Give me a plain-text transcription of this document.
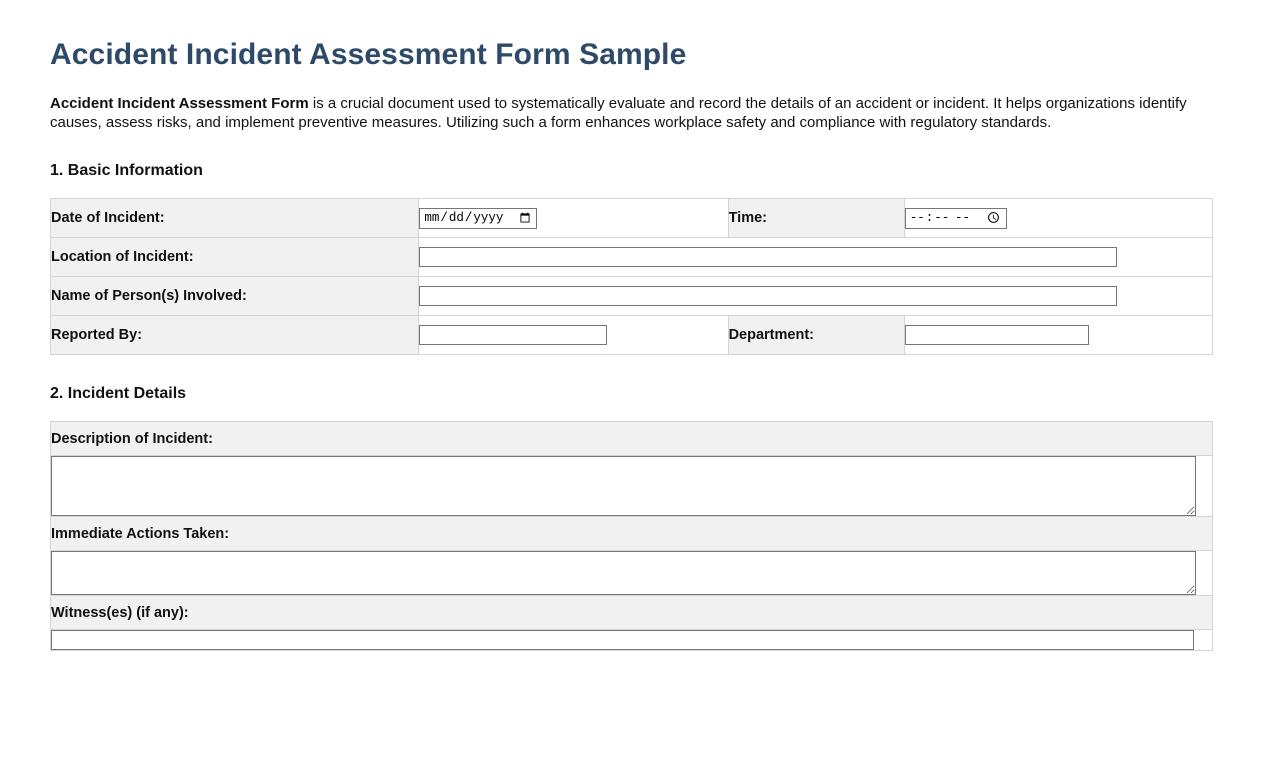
Accident Incident Assessment Form Sample

Accident Incident Assessment Form is a crucial document used to systematically evaluate and record the details of an accident or incident. It helps organizations identify causes, assess risks, and implement preventive measures. Utilizing such a form enhances workplace safety and compliance with regulatory standards.

1. Basic Information
Date of Incident:		Time:	
Location of Incident:	
Name of Person(s) Involved:	
Reported By:		Department:	
2. Incident Details
Description of Incident:

Immediate Actions Taken:

Witness(es) (if any):
